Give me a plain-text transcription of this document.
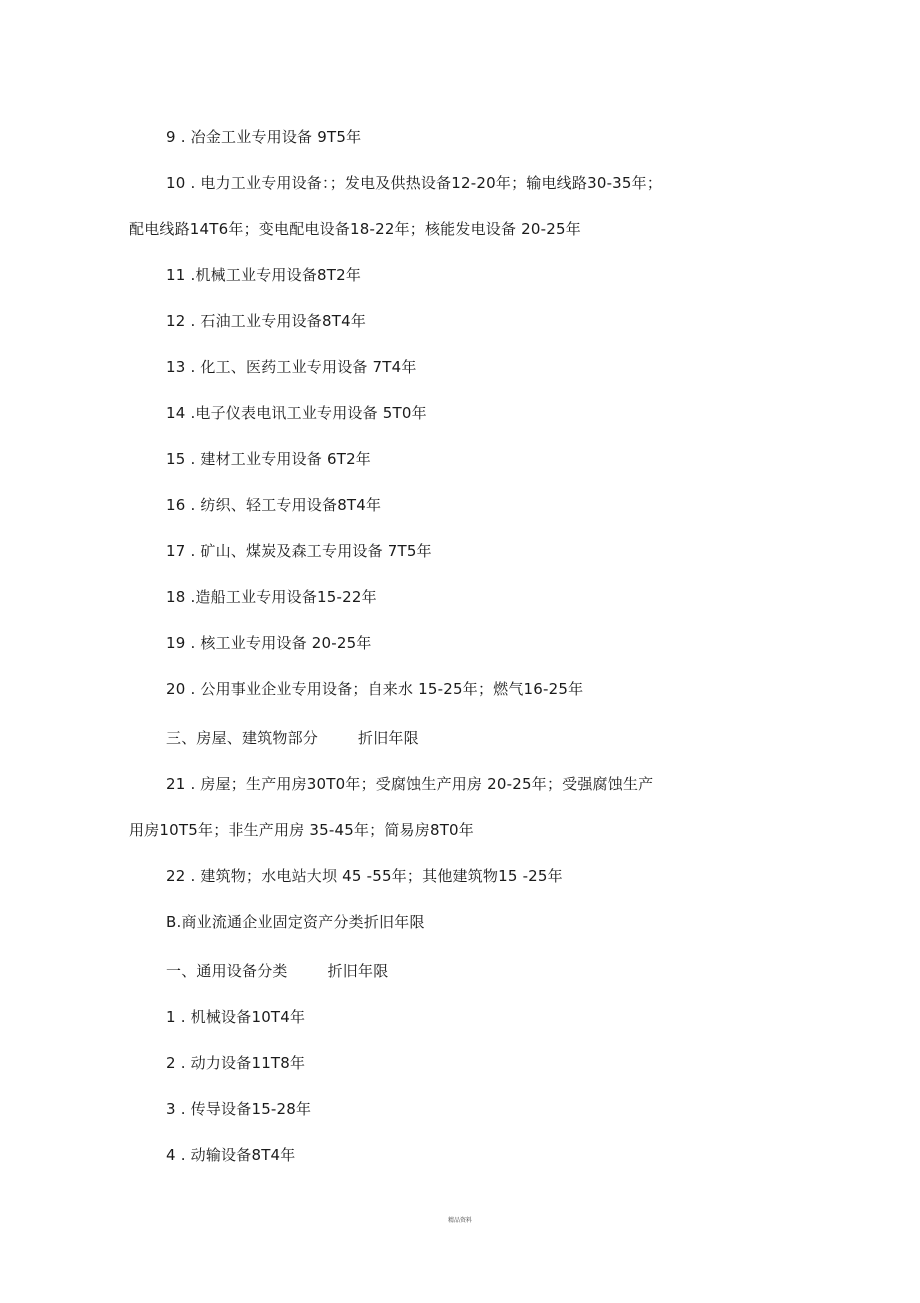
9 . 冶金工业专用设备 9T5年
10 . 电力工业专用设备：；发电及供热设备12-20年；输电线路30-35年；
配电线路14T6年；变电配电设备18-22年；核能发电设备 20-25年
11 .机械工业专用设备8T2年
12 . 石油工业专用设备8T4年
13 . 化工、医药工业专用设备 7T4年
14 .电子仪表电讯工业专用设备 5T0年
15 . 建材工业专用设备 6T2年
16 . 纺织、轻工专用设备8T4年
17 . 矿山、煤炭及森工专用设备 7T5年
18 .造船工业专用设备15-22年
19 . 核工业专用设备 20-25年
20 . 公用事业企业专用设备；自来水 15-25年；燃气16-25年
三、房屋、建筑物部分	折旧年限
21 . 房屋；生产用房30T0年；受腐蚀生产用房 20-25年；受强腐蚀生产
用房10T5年；非生产用房 35-45年；简易房8T0年
22 . 建筑物；水电站大坝 45 -55年；其他建筑物15 -25年
B.商业流通企业固定资产分类折旧年限
一、通用设备分类	折旧年限
1 . 机械设备10T4年
2 . 动力设备11T8年
3 . 传导设备15-28年
4 . 动输设备8T4年
精品资料
